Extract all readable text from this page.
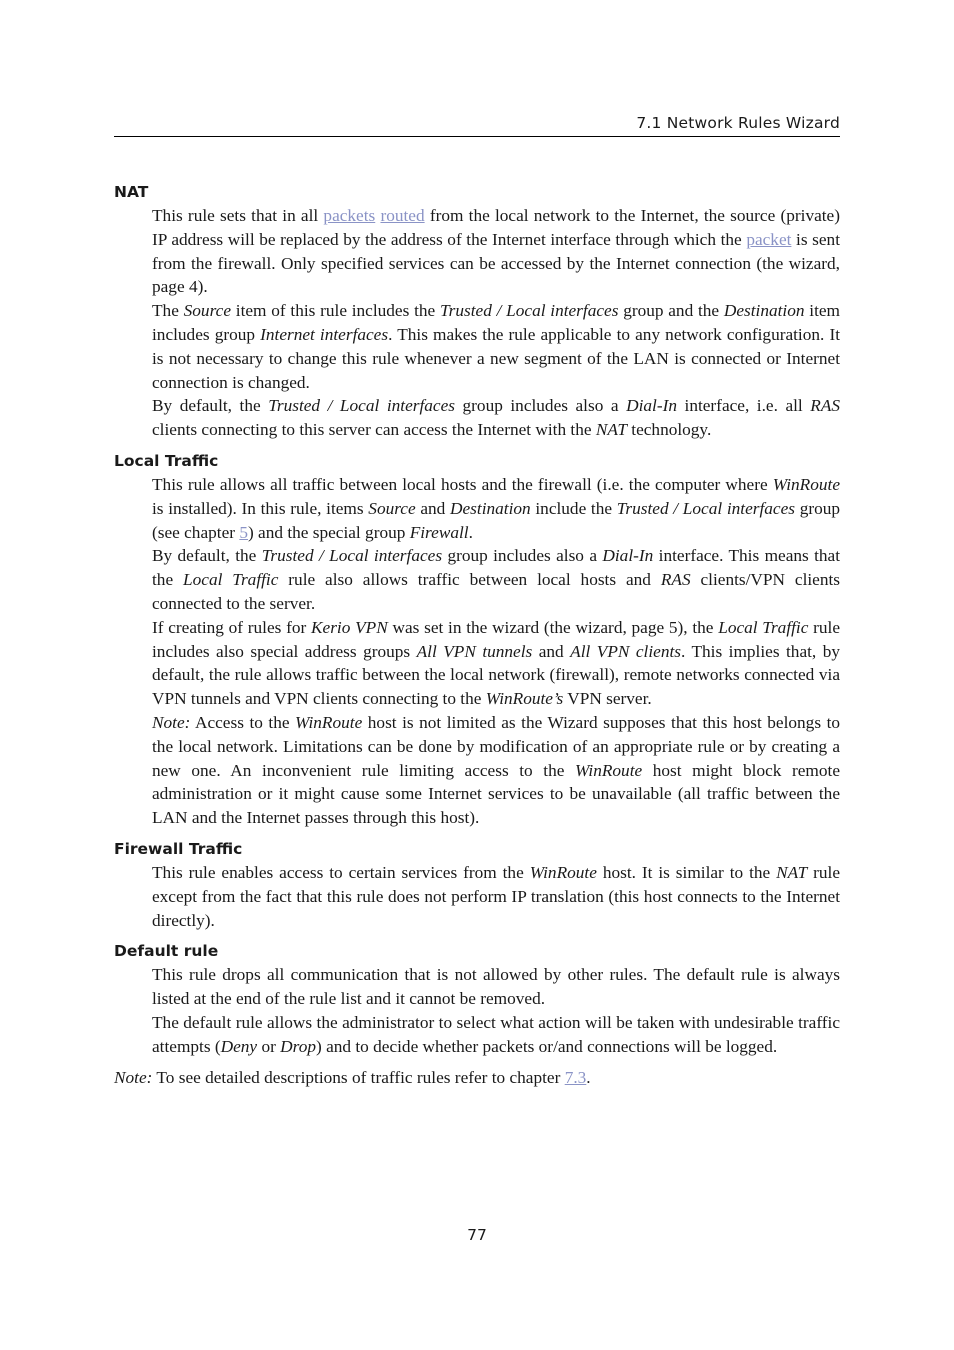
7.1 Network Rules Wizard
NAT

This rule sets that in all packets routed from the local network to the Internet, the source (private) IP address will be replaced by the address of the Internet interface through which the packet is sent from the firewall. Only specified services can be accessed by the Internet connection (the wizard, page 4).

The Source item of this rule includes the Trusted / Local interfaces group and the Destination item includes group Internet interfaces. This makes the rule applicable to any network configuration. It is not necessary to change this rule whenever a new segment of the LAN is connected or Internet connection is changed.

By default, the Trusted / Local interfaces group includes also a Dial-In interface, i.e. all RAS clients connecting to this server can access the Internet with the NAT technology.

Local Traffic

This rule allows all traffic between local hosts and the firewall (i.e. the computer where WinRoute is installed). In this rule, items Source and Destination include the Trusted / Local interfaces group (see chapter 5) and the special group Firewall.

By default, the Trusted / Local interfaces group includes also a Dial-In interface. This means that the Local Traffic rule also allows traffic between local hosts and RAS clients/VPN clients connected to the server.

If creating of rules for Kerio VPN was set in the wizard (the wizard, page 5), the Local Traffic rule includes also special address groups All VPN tunnels and All VPN clients. This implies that, by default, the rule allows traffic between the local network (firewall), remote networks connected via VPN tunnels and VPN clients connecting to the WinRoute’s VPN server.

Note: Access to the WinRoute host is not limited as the Wizard supposes that this host belongs to the local network. Limitations can be done by modification of an appropriate rule or by creating a new one. An inconvenient rule limiting access to the WinRoute host might block remote administration or it might cause some Internet services to be unavailable (all traffic between the LAN and the Internet passes through this host).

Firewall Traffic

This rule enables access to certain services from the WinRoute host. It is similar to the NAT rule except from the fact that this rule does not perform IP translation (this host connects to the Internet directly).

Default rule

This rule drops all communication that is not allowed by other rules. The default rule is always listed at the end of the rule list and it cannot be removed.

The default rule allows the administrator to select what action will be taken with undesirable traffic attempts (Deny or Drop) and to decide whether packets or/and connections will be logged.

Note: To see detailed descriptions of traffic rules refer to chapter 7.3.

77
